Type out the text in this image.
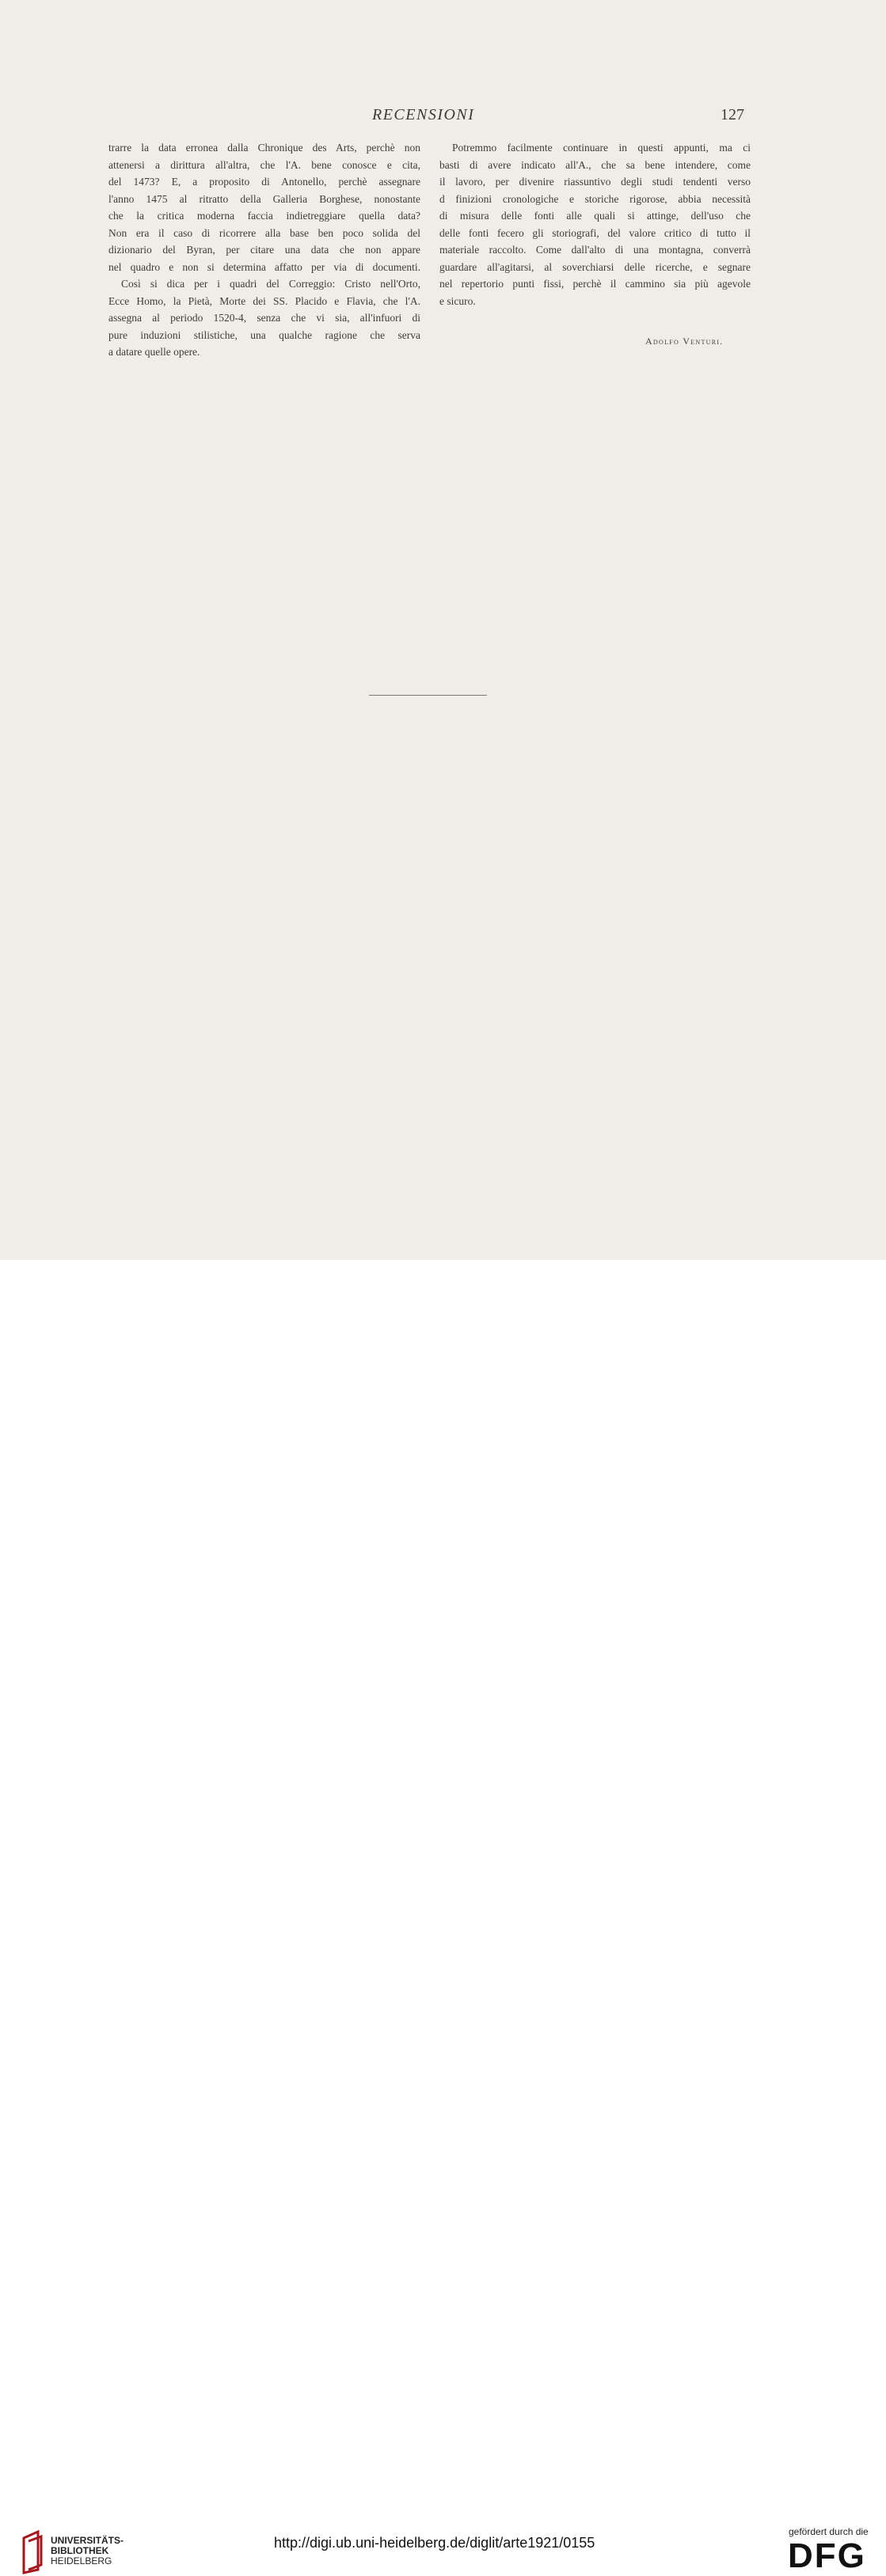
RECENSIONI	127
trarre la data erronea dalla Chronique des Arts, perchè non
attenersi a dirittura all'altra, che l'A. bene conosce e cita,
del 1473? E, a proposito di Antonello, perchè assegnare
l'anno 1475 al ritratto della Galleria Borghese, nonostante
che la critica moderna faccia indietreggiare quella data?
Non era il caso di ricorrere alla base ben poco solida del
dizionario del Byran, per citare una data che non appare
nel quadro e non si determina affatto per via di documenti.
Così si dica per i quadri del Correggio: Cristo nell'Orto,
Ecce Homo, la Pietà, Morte dei SS. Placido e Flavia, che l'A.
assegna al periodo 1520-4, senza che vi sia, all'infuori di
pure induzioni stilistiche, una qualche ragione che serva
a datare quelle opere.
Potremmo facilmente continuare in questi appunti, ma ci
basti di avere indicato all'A., che sa bene intendere, come
il lavoro, per divenire riassuntivo degli studi tendenti verso
d finizioni cronologiche e storiche rigorose, abbia necessità
di misura delle fonti alle quali si attinge, dell'uso che
delle fonti fecero gli storiografi, del valore critico di tutto il
materiale raccolto. Come dall'alto di una montagna, converrà
guardare all'agitarsi, al soverchiarsi delle ricerche, e segnare
nel repertorio punti fissi, perchè il cammino sia più agevole
e sicuro.
Adolfo Venturi.
UNIVERSITÄTS-
BIBLIOTHEK
HEIDELBERG
http://digi.ub.uni-heidelberg.de/diglit/arte1921/0155
gefördert durch die
DFG
